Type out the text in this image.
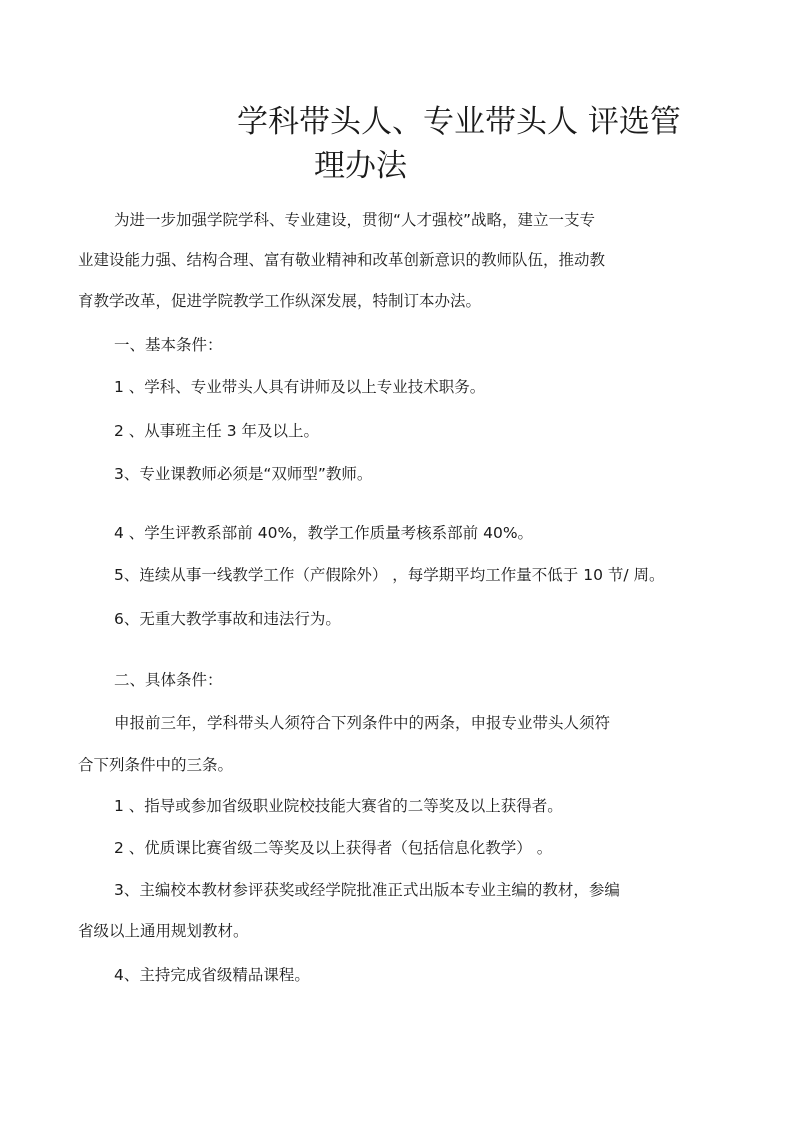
学科带头人、专业带头人 评选管
理办法
为进一步加强学院学科、专业建设，贯彻“人才强校”战略，建立一支专
业建设能力强、结构合理、富有敬业精神和改革创新意识的教师队伍，推动教
育教学改革，促进学院教学工作纵深发展，特制订本办法。
一、基本条件：
1 、学科、专业带头人具有讲师及以上专业技术职务。
2 、从事班主任 3 年及以上。
3、专业课教师必须是“双师型”教师。
4 、学生评教系部前 40%，教学工作质量考核系部前 40%。
5、连续从事一线教学工作（产假除外） ，每学期平均工作量不低于 10 节/ 周。
6、无重大教学事故和违法行为。
二、具体条件：
申报前三年，学科带头人须符合下列条件中的两条，申报专业带头人须符
合下列条件中的三条。
1 、指导或参加省级职业院校技能大赛省的二等奖及以上获得者。
2 、优质课比赛省级二等奖及以上获得者（包括信息化教学） 。
3、主编校本教材参评获奖或经学院批准正式出版本专业主编的教材，参编
省级以上通用规划教材。
4、主持完成省级精品课程。
